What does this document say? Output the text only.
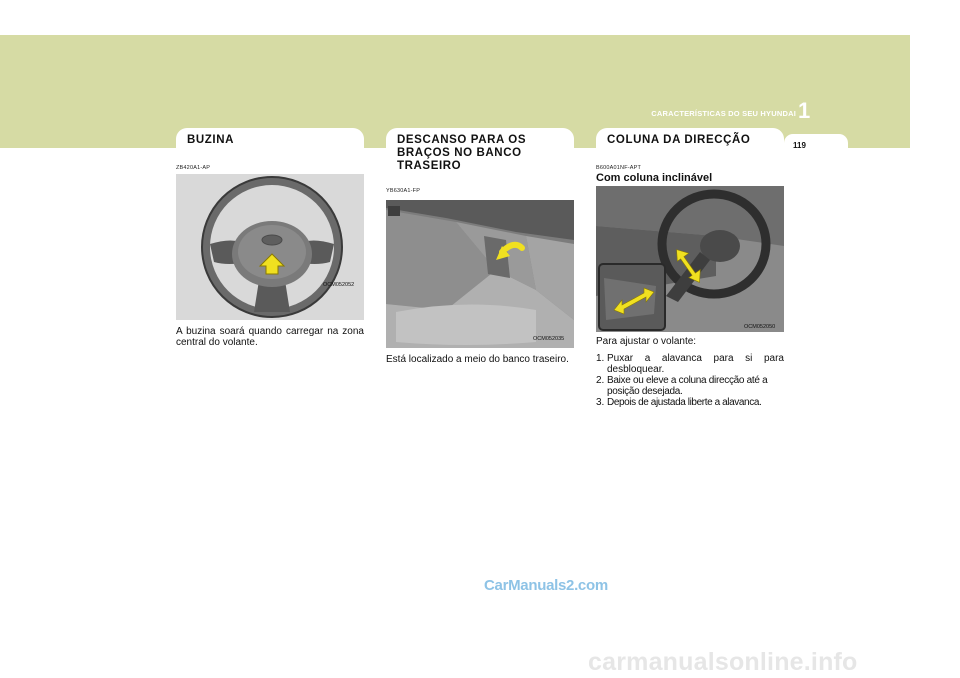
CARACTERÍSTICAS DO SEU HYUNDAI 1
119
BUZINA
ZB420A1-AP
OCM052052
A buzina soará quando carregar na zona central do volante.
DESCANSO PARA OS
BRAÇOS NO BANCO
TRASEIRO
YB630A1-FP
OCM052035
Está localizado a meio do banco traseiro.
COLUNA DA DIRECÇÃO
B600A01NF-APT
Com coluna inclinável
OCM052050
Para ajustar o volante:
1. Puxar a alavanca para si para desbloquear.
2. Baixe ou eleve a coluna direcção até a posição desejada.
3. Depois de ajustada liberte a alavanca.
CarManuals2.com
carmanualsonline.info
